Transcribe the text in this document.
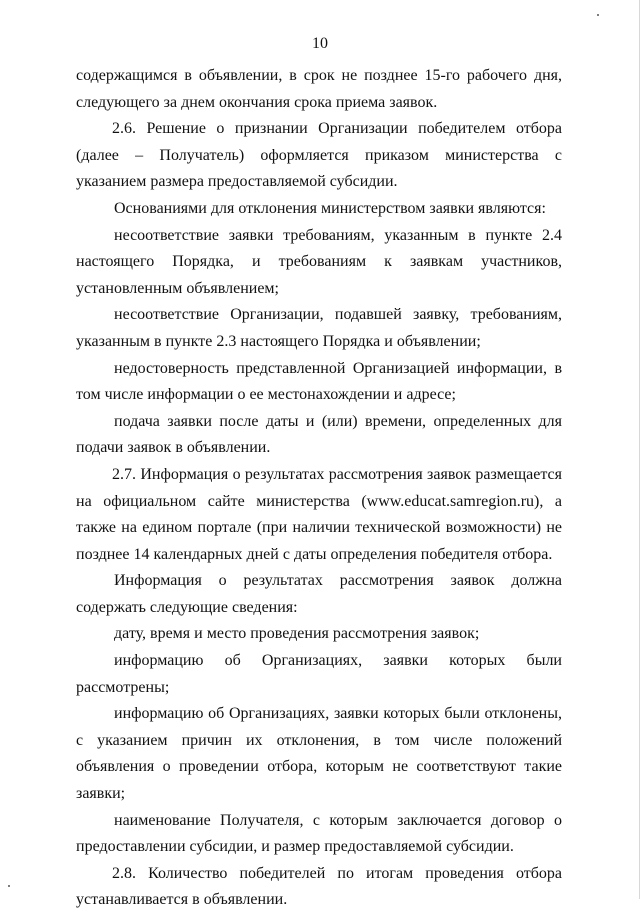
10

содержащимся в объявлении, в срок не позднее 15-го рабочего дня, следующего за днем окончания срока приема заявок.

2.6. Решение о признании Организации победителем отбора (далее – Получатель) оформляется приказом министерства с указанием размера предоставляемой субсидии.

Основаниями для отклонения министерством заявки являются:

несоответствие заявки требованиям, указанным в пункте 2.4 настоящего Порядка, и требованиям к заявкам участников, установленным объявлением;

несоответствие Организации, подавшей заявку, требованиям, указанным в пункте 2.3 настоящего Порядка и объявлении;

недостоверность представленной Организацией информации, в том числе информации о ее местонахождении и адресе;

подача заявки после даты и (или) времени, определенных для подачи заявок в объявлении.

2.7. Информация о результатах рассмотрения заявок размещается на официальном сайте министерства (www.educat.samregion.ru), а также на едином портале (при наличии технической возможности) не позднее 14 календарных дней с даты определения победителя отбора.

Информация о результатах рассмотрения заявок должна содержать следующие сведения:

дату, время и место проведения рассмотрения заявок;

информацию об Организациях, заявки которых были рассмотрены;

информацию об Организациях, заявки которых были отклонены, с указанием причин их отклонения, в том числе положений объявления о проведении отбора, которым не соответствуют такие заявки;

наименование Получателя, с которым заключается договор о предоставлении субсидии, и размер предоставляемой субсидии.

2.8. Количество победителей по итогам проведения отбора устанавливается в объявлении.
